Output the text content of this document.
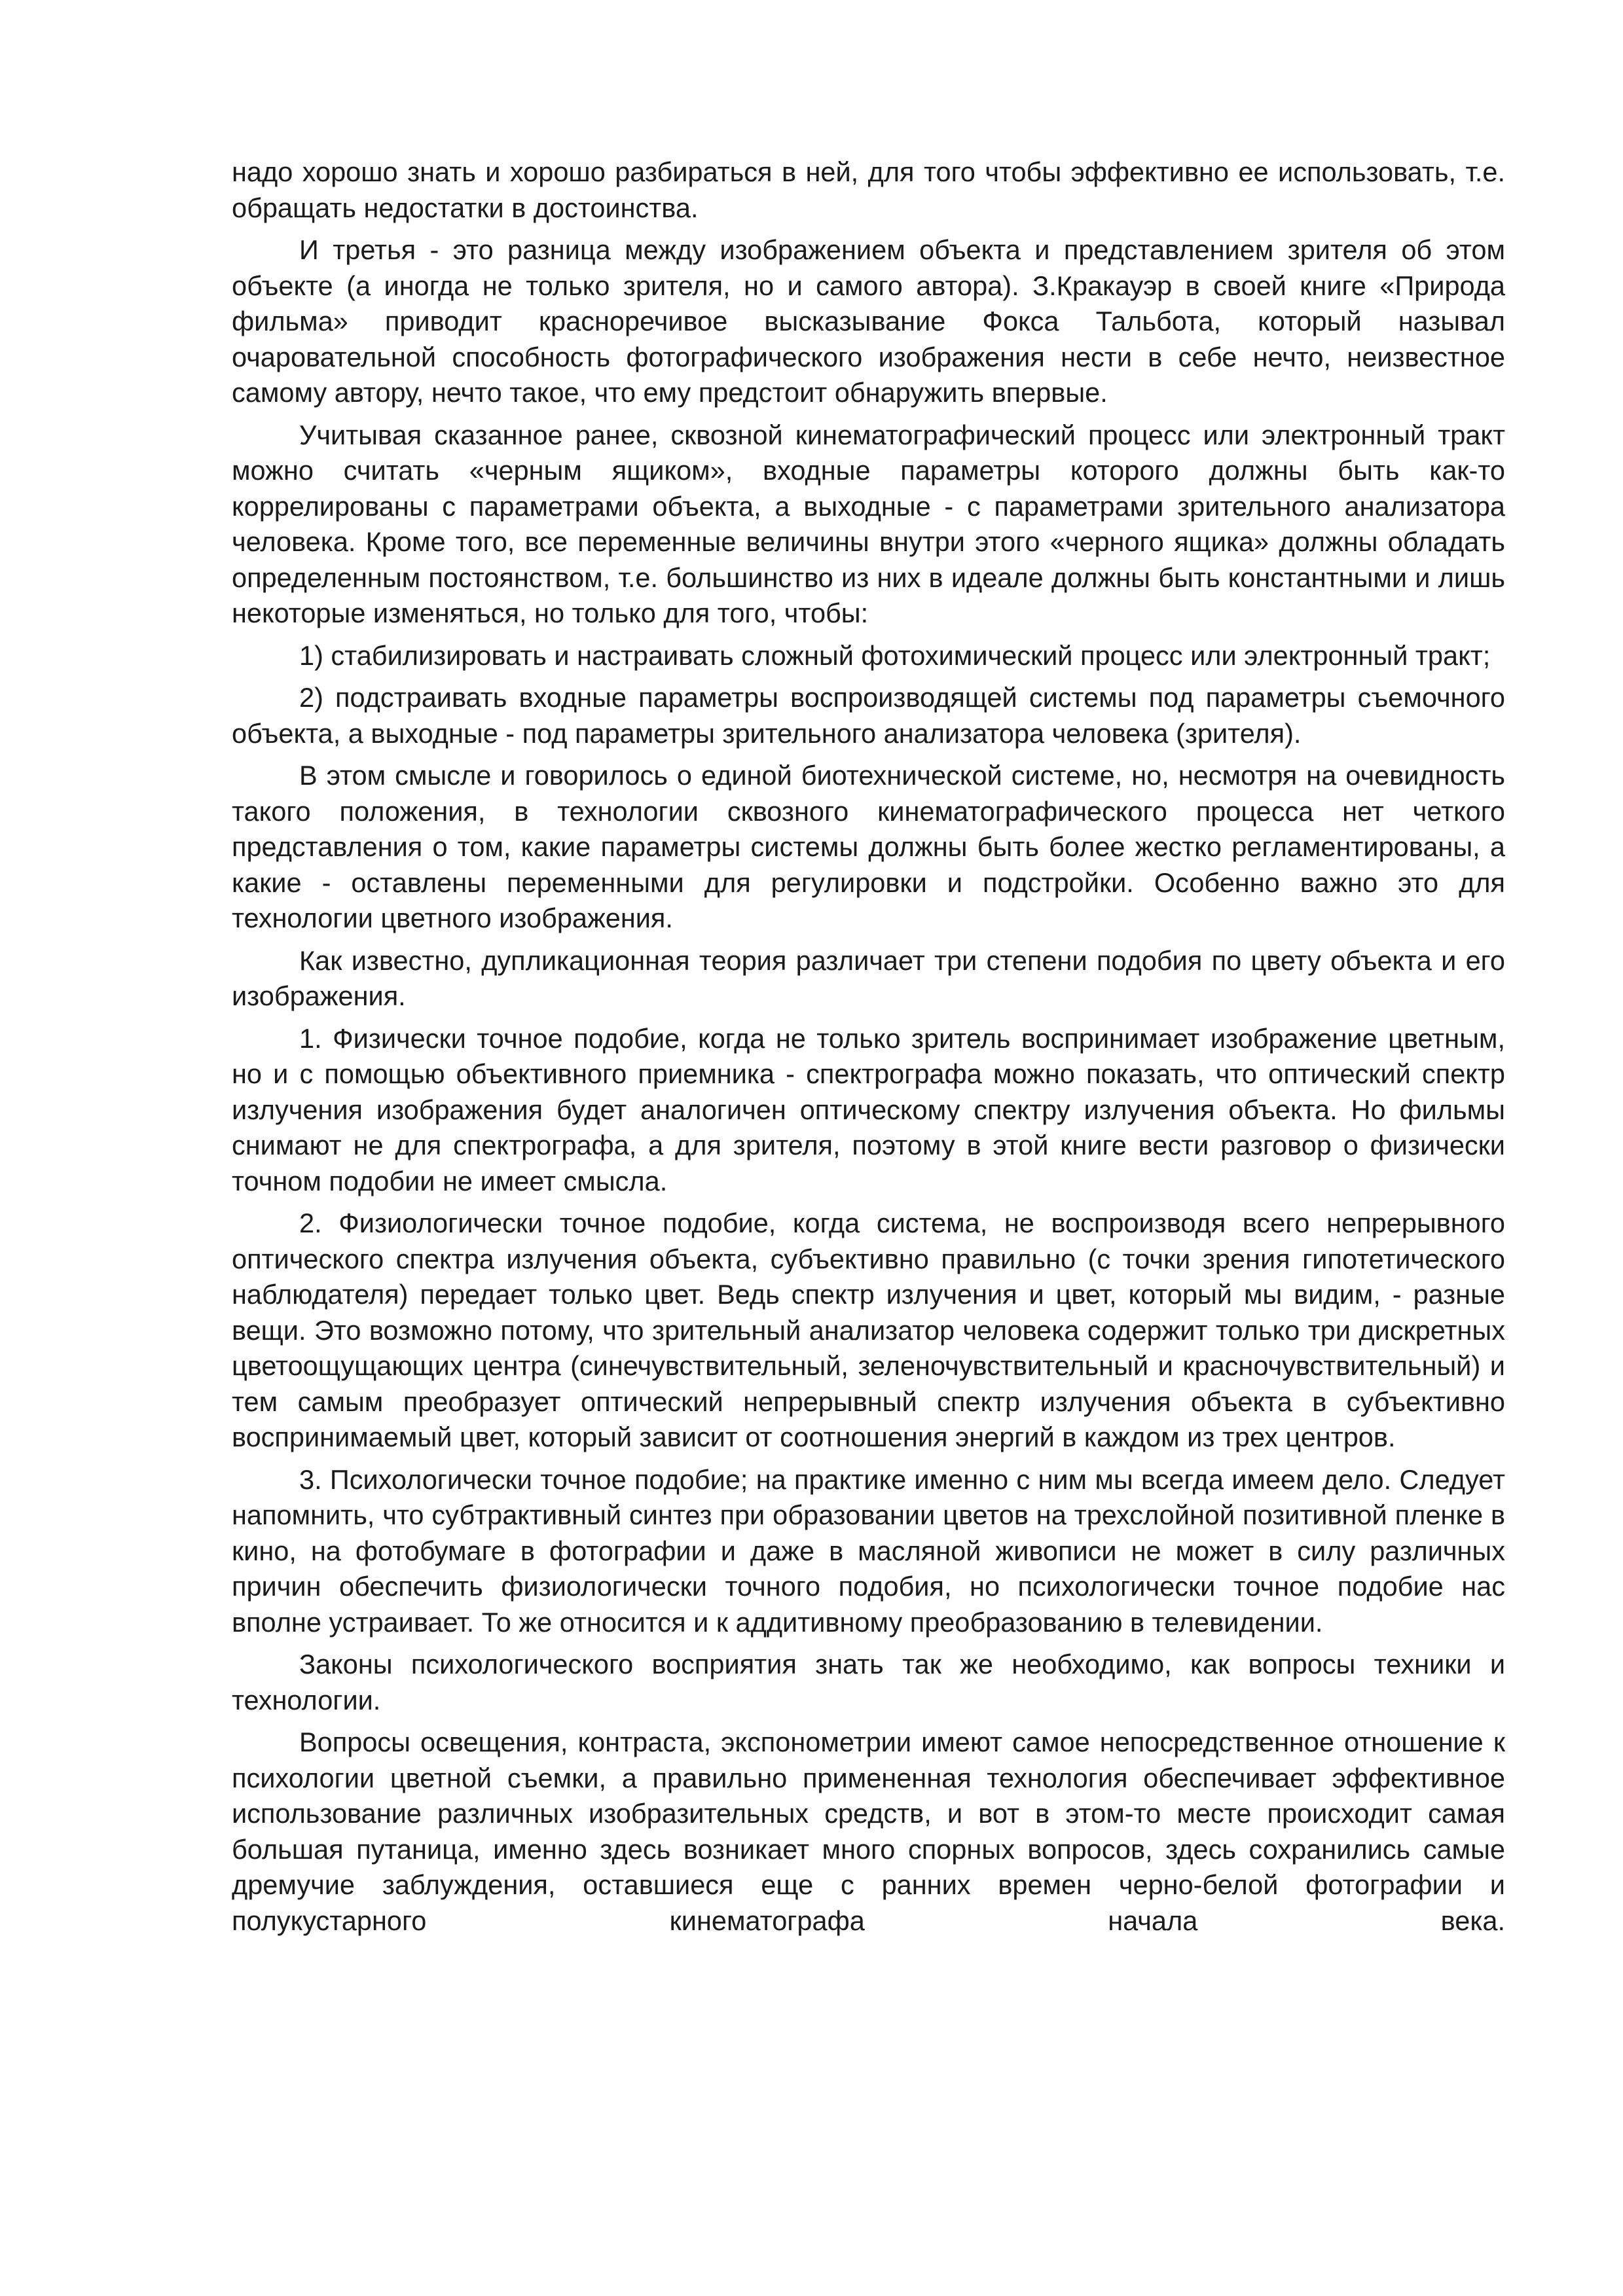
надо хорошо знать и хорошо разбираться в ней, для того чтобы эффективно ее использовать, т.е. обращать недостатки в достоинства.

И третья - это разница между изображением объекта и представлением зрителя об этом объекте (а иногда не только зрителя, но и самого автора). З.Кракауэр в своей книге «Природа фильма» приводит красноречивое высказывание Фокса Тальбота, который называл очаровательной способность фотографического изображения нести в себе нечто, неизвестное самому автору, нечто такое, что ему предстоит обнаружить впервые.

Учитывая сказанное ранее, сквозной кинематографический процесс или электронный тракт можно считать «черным ящиком», входные параметры которого должны быть как-то коррелированы с параметрами объекта, а выходные - с параметрами зрительного анализатора человека. Кроме того, все переменные величины внутри этого «черного ящика» должны обладать определенным постоянством, т.е. большинство из них в идеале должны быть константными и лишь некоторые изменяться, но только для того, чтобы:

1) стабилизировать и настраивать сложный фотохимический процесс или электронный тракт;

2) подстраивать входные параметры воспроизводящей системы под параметры съемочного объекта, а выходные - под параметры зрительного анализатора человека (зрителя).

В этом смысле и говорилось о единой биотехнической системе, но, несмотря на очевидность такого положения, в технологии сквозного кинематографического процесса нет четкого представления о том, какие параметры системы должны быть более жестко регламентированы, а какие - оставлены переменными для регулировки и подстройки. Особенно важно это для технологии цветного изображения.

Как известно, дупликационная теория различает три степени подобия по цвету объекта и его изображения.

1. Физически точное подобие, когда не только зритель воспринимает изображение цветным, но и с помощью объективного приемника - спектрографа можно показать, что оптический спектр излучения изображения будет аналогичен оптическому спектру излучения объекта. Но фильмы снимают не для спектрографа, а для зрителя, поэтому в этой книге вести разговор о физически точном подобии не имеет смысла.

2. Физиологически точное подобие, когда система, не воспроизводя всего непрерывного оптического спектра излучения объекта, субъективно правильно (с точки зрения гипотетического наблюдателя) передает только цвет. Ведь спектр излучения и цвет, который мы видим, - разные вещи. Это возможно потому, что зрительный анализатор человека содержит только три дискретных цветоощущающих центра (синечувствительный, зеленочувствительный и красночувствительный) и тем самым преобразует оптический непрерывный спектр излучения объекта в субъективно воспринимаемый цвет, который зависит от соотношения энергий в каждом из трех центров.

3. Психологически точное подобие; на практике именно с ним мы всегда имеем дело. Следует напомнить, что субтрактивный синтез при образовании цветов на трехслойной позитивной пленке в кино, на фотобумаге в фотографии и даже в масляной живописи не может в силу различных причин обеспечить физиологически точного подобия, но психологически точное подобие нас вполне устраивает. То же относится и к аддитивному преобразованию в телевидении.

Законы психологического восприятия знать так же необходимо, как вопросы техники и технологии.

Вопросы освещения, контраста, экспонометрии имеют самое непосредственное отношение к психологии цветной съемки, а правильно примененная технология обеспечивает эффективное использование различных изобразительных средств, и вот в этом-то месте происходит самая большая путаница, именно здесь возникает много спорных вопросов, здесь сохранились самые дремучие заблуждения, оставшиеся еще с ранних времен черно-белой фотографии и полукустарного кинематографа начала века.
